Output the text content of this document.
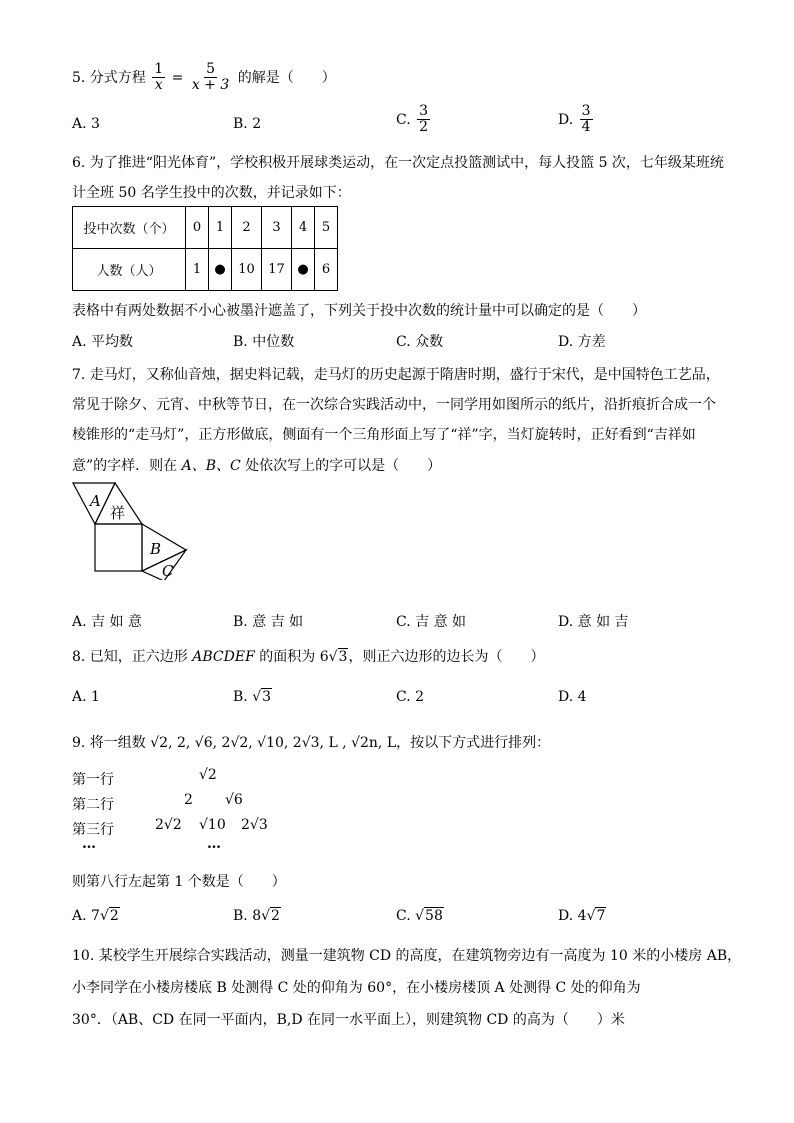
5. 分式方程 $\frac{1}{x} = \frac{5}{x + 3}$ 的解是（　　）
A. 3	B. 2	C. $\frac{3}{2}$	D. $\frac{3}{4}$
6. 为了推进“阳光体育”，学校积极开展球类运动，在一次定点投篮测试中，每人投篮 5 次，七年级某班统
计全班 50 名学生投中的次数，并记录如下：
投中次数（个）	0	1	2	3	4	5
人数（人）	1	●	10	17	●	6
表格中有两处数据不小心被墨汁遮盖了，下列关于投中次数的统计量中可以确定的是（　　）
A. 平均数	B. 中位数	C. 众数	D. 方差
7. 走马灯，又称仙音烛，据史料记载，走马灯的历史起源于隋唐时期，盛行于宋代，是中国特色工艺品，
常见于除夕、元宵、中秋等节日，在一次综合实践活动中，一同学用如图所示的纸片，沿折痕折合成一个
棱锥形的“走马灯”，正方形做底，侧面有一个三角形面上写了“祥”字，当灯旋转时，正好看到“吉祥如
意”的字样．则在 A、B、C 处依次写上的字可以是（　　）
A
祥
B
C
A. 吉 如 意	B. 意 吉 如	C. 吉 意 如	D. 意 如 吉
8. 已知，正六边形 ABCDEF 的面积为 6√3，则正六边形的边长为（　　）
A. 1	B. √3	C. 2	D. 4
9. 将一组数 √2, 2, √6, 2√2, √10, 2√3, L , √2n, L，按以下方式进行排列：
第一行	√2
第二行	2 √6
第三行	2√2 √10 2√3
…	…
则第八行左起第 1 个数是（　　）
A. 7√2	B. 8√2	C. √58	D. 4√7
10. 某校学生开展综合实践活动，测量一建筑物 CD 的高度，在建筑物旁边有一高度为 10 米的小楼房 AB，
小李同学在小楼房楼底 B 处测得 C 处的仰角为 60°，在小楼房楼顶 A 处测得 C 处的仰角为
30°．（AB、CD 在同一平面内，B,D 在同一水平面上），则建筑物 CD 的高为（　　）米
